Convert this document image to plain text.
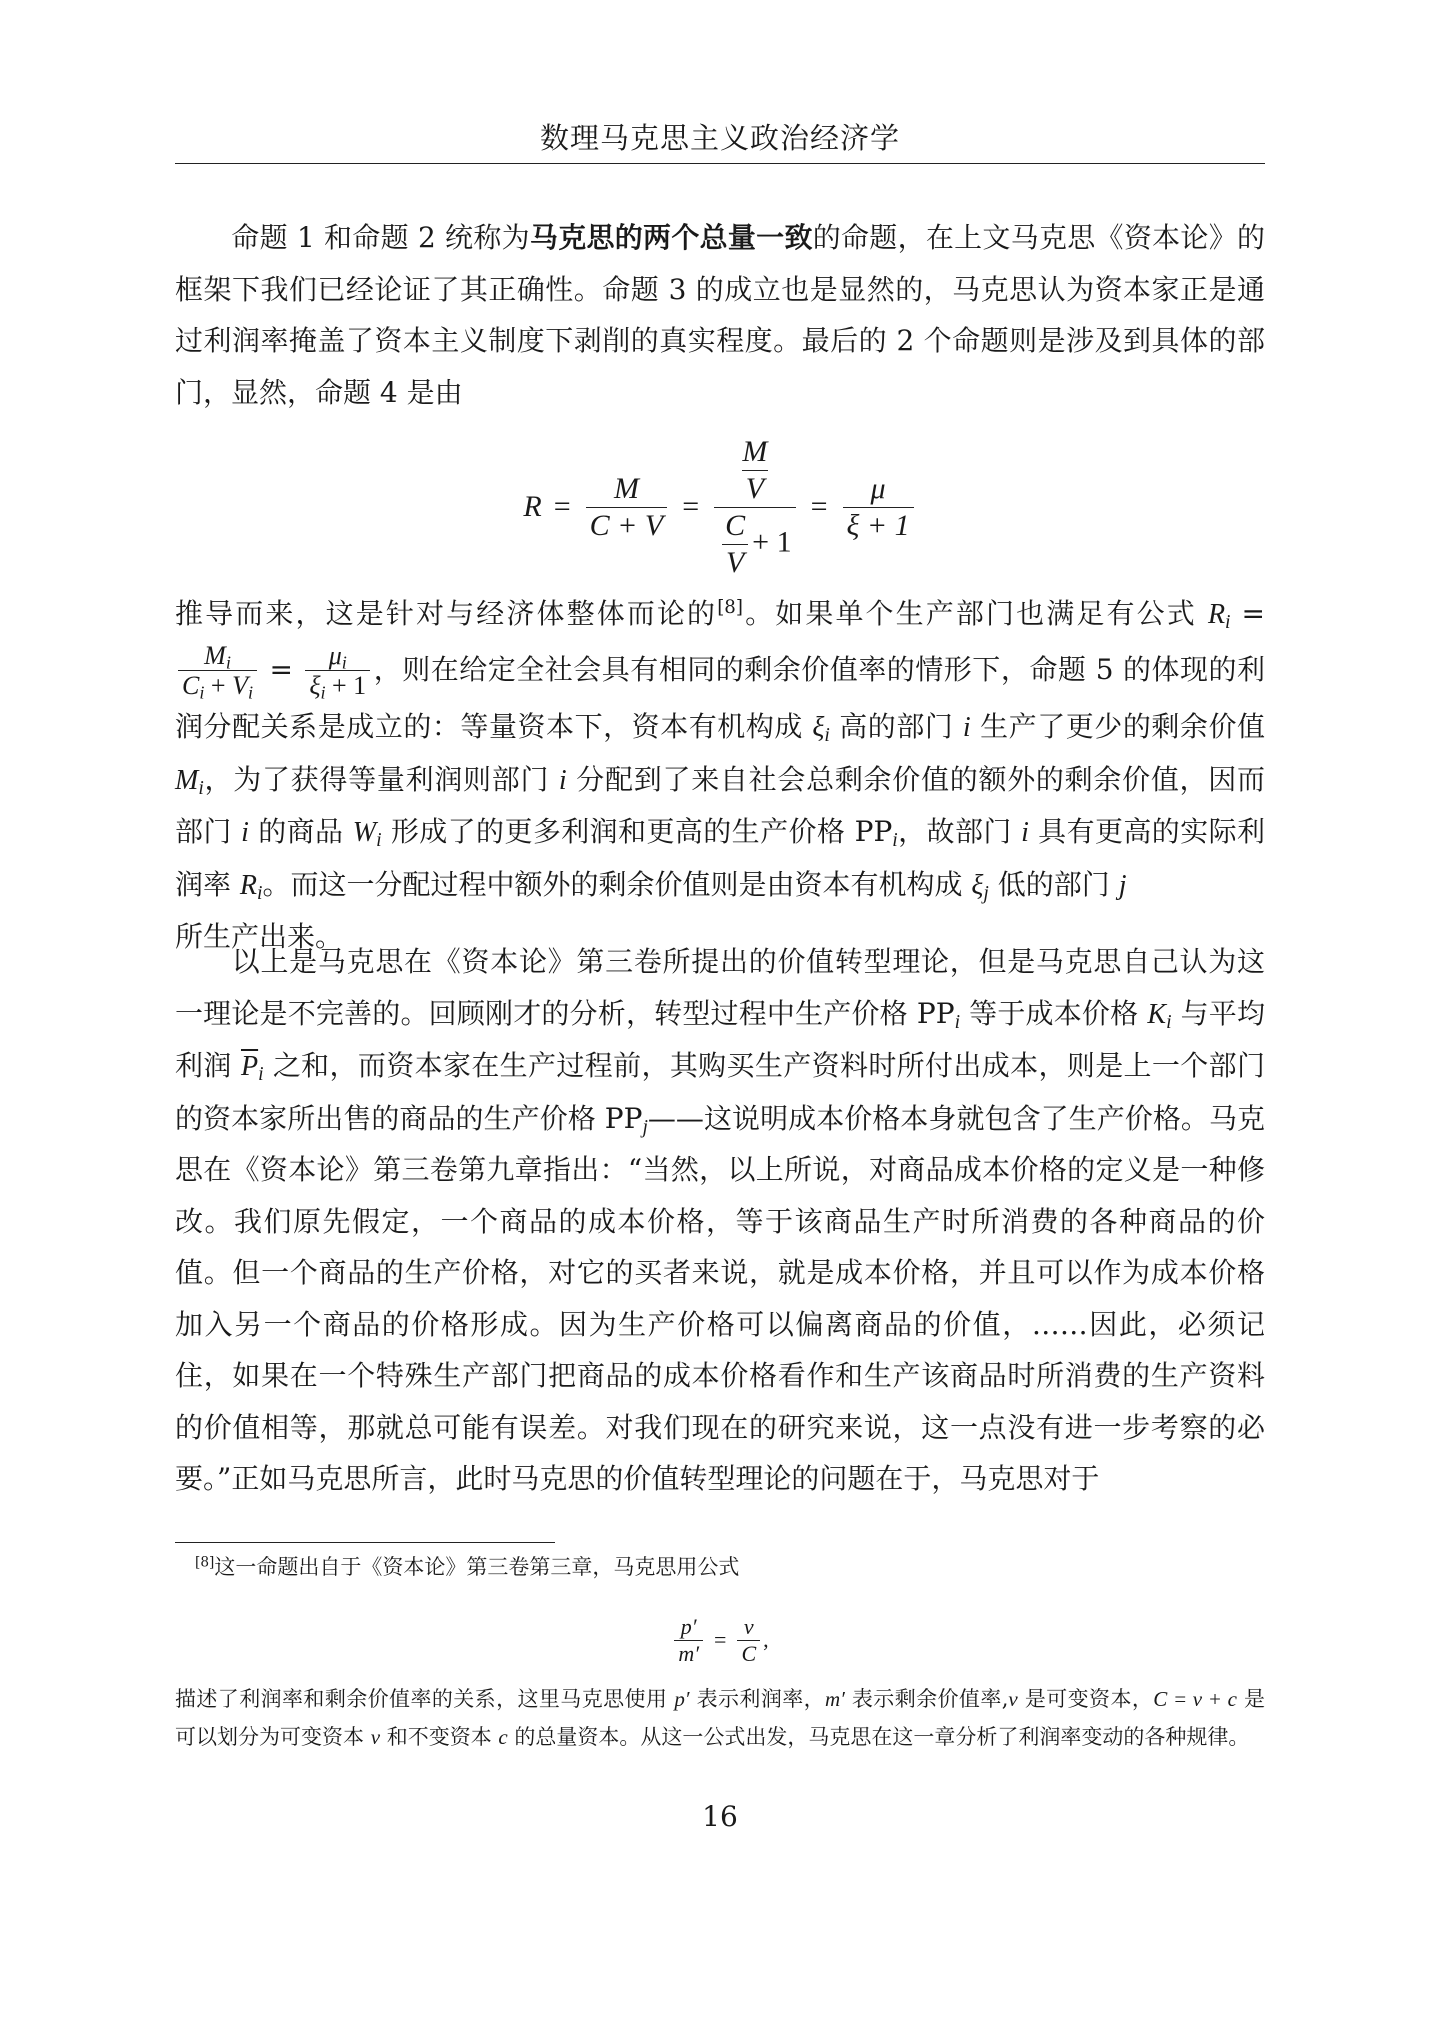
数理马克思主义政治经济学
命题 1 和命题 2 统称为马克思的两个总量一致的命题，在上文马克思《资本论》的框架下我们已经论证了其正确性。命题 3 的成立也是显然的，马克思认为资本家正是通过利润率掩盖了资本主义制度下剥削的真实程度。最后的 2 个命题则是涉及到具体的部门，显然，命题 4 是由
$R = \frac{M}{C + V} = \frac{\frac{M}{V}}{\frac{C}{V} + 1} = \frac{\mu}{\xi + 1}$
推导而来，这是针对与经济体整体而论的[8]。如果单个生产部门也满足有公式 $R_i$ =
$\frac{M_i}{C_i + V_i} = \frac{\mu_i}{\xi_i + 1}$ ，则在给定全社会具有相同的剩余价值率的情形下，命题 5 的体现的利润分配关系是成立的：等量资本下，资本有机构成 $\xi_i$ 高的部门 i 生产了更少的剩余价值 $M_i$，为了获得等量利润则部门 i 分配到了来自社会总剩余价值的额外的剩余价值，因而部门 i 的商品 $W_i$ 形成了的更多利润和更高的生产价格 $PP_i$，故部门 i 具有更高的实际利润率 $R_i$。而这一分配过程中额外的剩余价值则是由资本有机构成 $\xi_j$ 低的部门 j
所生产出来。
以上是马克思在《资本论》第三卷所提出的价值转型理论，但是马克思自己认为这一理论是不完善的。回顾刚才的分析，转型过程中生产价格 $PP_i$ 等于成本价格 $K_i$ 与平均利润 $\overline{P}_i$ 之和，而资本家在生产过程前，其购买生产资料时所付出成本，则是上一个部门的资本家所出售的商品的生产价格 $PP_j——$这说明成本价格本身就包含了生产价格。马克思在《资本论》第三卷第九章指出：“当然，以上所说，对商品成本价格的定义是一种修改。我们原先假定，一个商品的成本价格，等于该商品生产时所消费的各种商品的价值。但一个商品的生产价格，对它的买者来说，就是成本价格，并且可以作为成本价格加入另一个商品的价格形成。因为生产价格可以偏离商品的价值，……因此，必须记住，如果在一个特殊生产部门把商品的成本价格看作和生产该商品时所消费的生产资料的价值相等，那就总可能有误差。对我们现在的研究来说，这一点没有进一步考察的必要。”正如马克思所言，此时马克思的价值转型理论的问题在于，马克思对于
[8]这一命题出自于《资本论》第三卷第三章，马克思用公式
$\frac{p'}{m'} = \frac{v}{C}$ ,
描述了利润率和剩余价值率的关系，这里马克思使用 p′ 表示利润率，m′ 表示剩余价值率,v 是可变资本，C = v + c 是可以划分为可变资本 v 和不变资本 c 的总量资本。从这一公式出发，马克思在这一章分析了利润率变动的各种规律。
16
